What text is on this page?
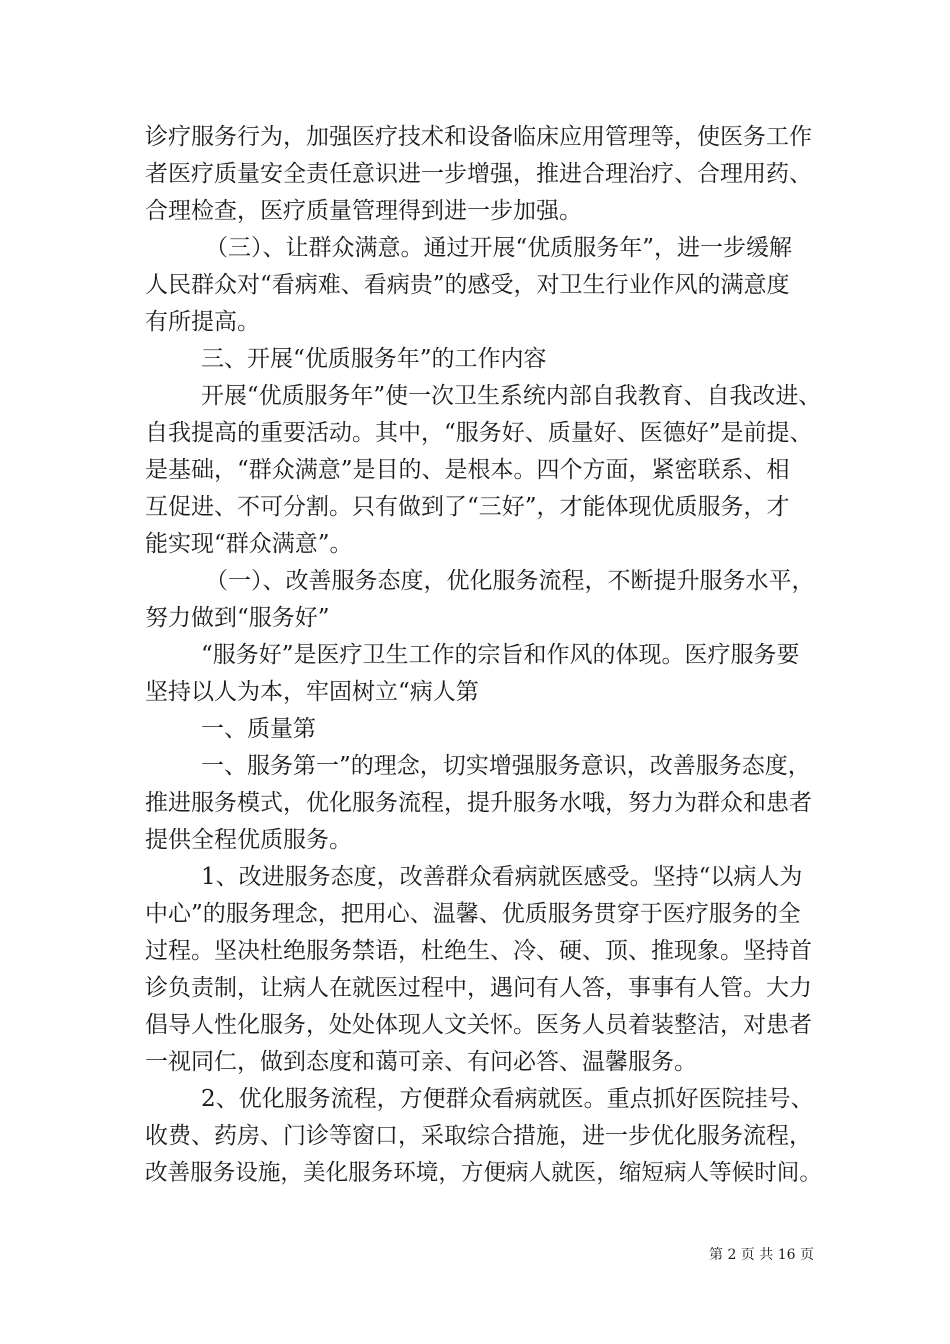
诊疗服务行为，加强医疗技术和设备临床应用管理等，使医务工作
者医疗质量安全责任意识进一步增强，推进合理治疗、合理用药、
合理检查，医疗质量管理得到进一步加强。
（三）、让群众满意。通过开展“优质服务年”，进一步缓解
人民群众对“看病难、看病贵”的感受，对卫生行业作风的满意度
有所提高。
三、开展“优质服务年”的工作内容
开展“优质服务年”使一次卫生系统内部自我教育、自我改进、
自我提高的重要活动。其中，“服务好、质量好、医德好”是前提、
是基础，“群众满意”是目的、是根本。四个方面，紧密联系、相
互促进、不可分割。只有做到了“三好”，才能体现优质服务，才
能实现“群众满意”。
（一）、改善服务态度，优化服务流程，不断提升服务水平，
努力做到“服务好”
“服务好”是医疗卫生工作的宗旨和作风的体现。医疗服务要
坚持以人为本，牢固树立“病人第
一、质量第
一、服务第一”的理念，切实增强服务意识，改善服务态度，
推进服务模式，优化服务流程，提升服务水哦，努力为群众和患者
提供全程优质服务。
1、改进服务态度，改善群众看病就医感受。坚持“以病人为
中心”的服务理念，把用心、温馨、优质服务贯穿于医疗服务的全
过程。坚决杜绝服务禁语，杜绝生、冷、硬、顶、推现象。坚持首
诊负责制，让病人在就医过程中，遇问有人答，事事有人管。大力
倡导人性化服务，处处体现人文关怀。医务人员着装整洁，对患者
一视同仁，做到态度和蔼可亲、有问必答、温馨服务。
2、优化服务流程，方便群众看病就医。重点抓好医院挂号、
收费、药房、门诊等窗口，采取综合措施，进一步优化服务流程，
改善服务设施，美化服务环境，方便病人就医，缩短病人等候时间。
第 2 页 共 16 页
